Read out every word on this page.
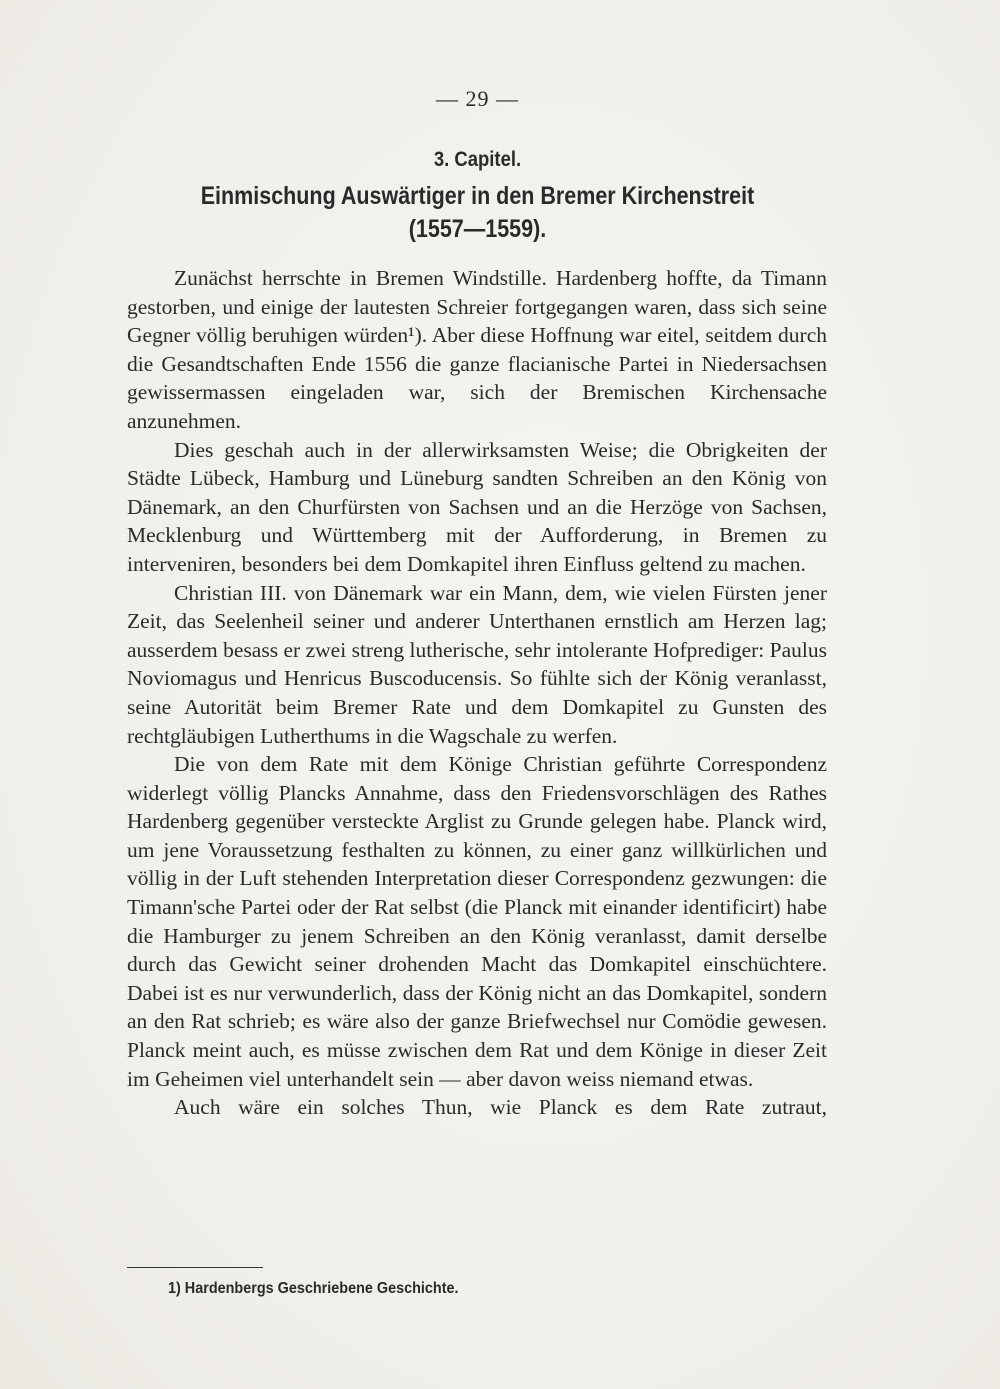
— 29 —
3. Capitel.
Einmischung Auswärtiger in den Bremer Kirchenstreit
(1557—1559).

Zunächst herrschte in Bremen Windstille. Hardenberg hoffte, da Timann gestorben, und einige der lautesten Schreier fortgegangen waren, dass sich seine Gegner völlig beruhigen würden¹). Aber diese Hoffnung war eitel, seitdem durch die Gesandtschaften Ende 1556 die ganze flacianische Partei in Niedersachsen gewissermassen eingeladen war, sich der Bremischen Kirchensache anzunehmen.

Dies geschah auch in der allerwirksamsten Weise; die Obrigkeiten der Städte Lübeck, Hamburg und Lüneburg sandten Schreiben an den König von Dänemark, an den Churfürsten von Sachsen und an die Herzöge von Sachsen, Mecklenburg und Württemberg mit der Aufforderung, in Bremen zu interveniren, besonders bei dem Domkapitel ihren Einfluss geltend zu machen.

Christian III. von Dänemark war ein Mann, dem, wie vielen Fürsten jener Zeit, das Seelenheil seiner und anderer Unterthanen ernstlich am Herzen lag; ausserdem besass er zwei streng lutherische, sehr intolerante Hofprediger: Paulus Noviomagus und Henricus Buscoducensis. So fühlte sich der König veranlasst, seine Autorität beim Bremer Rate und dem Domkapitel zu Gunsten des rechtgläubigen Lutherthums in die Wagschale zu werfen.

Die von dem Rate mit dem Könige Christian geführte Correspondenz widerlegt völlig Plancks Annahme, dass den Friedensvorschlägen des Rathes Hardenberg gegenüber versteckte Arglist zu Grunde gelegen habe. Planck wird, um jene Voraussetzung festhalten zu können, zu einer ganz willkürlichen und völlig in der Luft stehenden Interpretation dieser Correspondenz gezwungen: die Timann'sche Partei oder der Rat selbst (die Planck mit einander identificirt) habe die Hamburger zu jenem Schreiben an den König veranlasst, damit derselbe durch das Gewicht seiner drohenden Macht das Domkapitel einschüchtere. Dabei ist es nur verwunderlich, dass der König nicht an das Domkapitel, sondern an den Rat schrieb; es wäre also der ganze Briefwechsel nur Comödie gewesen. Planck meint auch, es müsse zwischen dem Rat und dem Könige in dieser Zeit im Geheimen viel unterhandelt sein — aber davon weiss niemand etwas.

Auch wäre ein solches Thun, wie Planck es dem Rate zutraut,

1) Hardenbergs Geschriebene Geschichte.
